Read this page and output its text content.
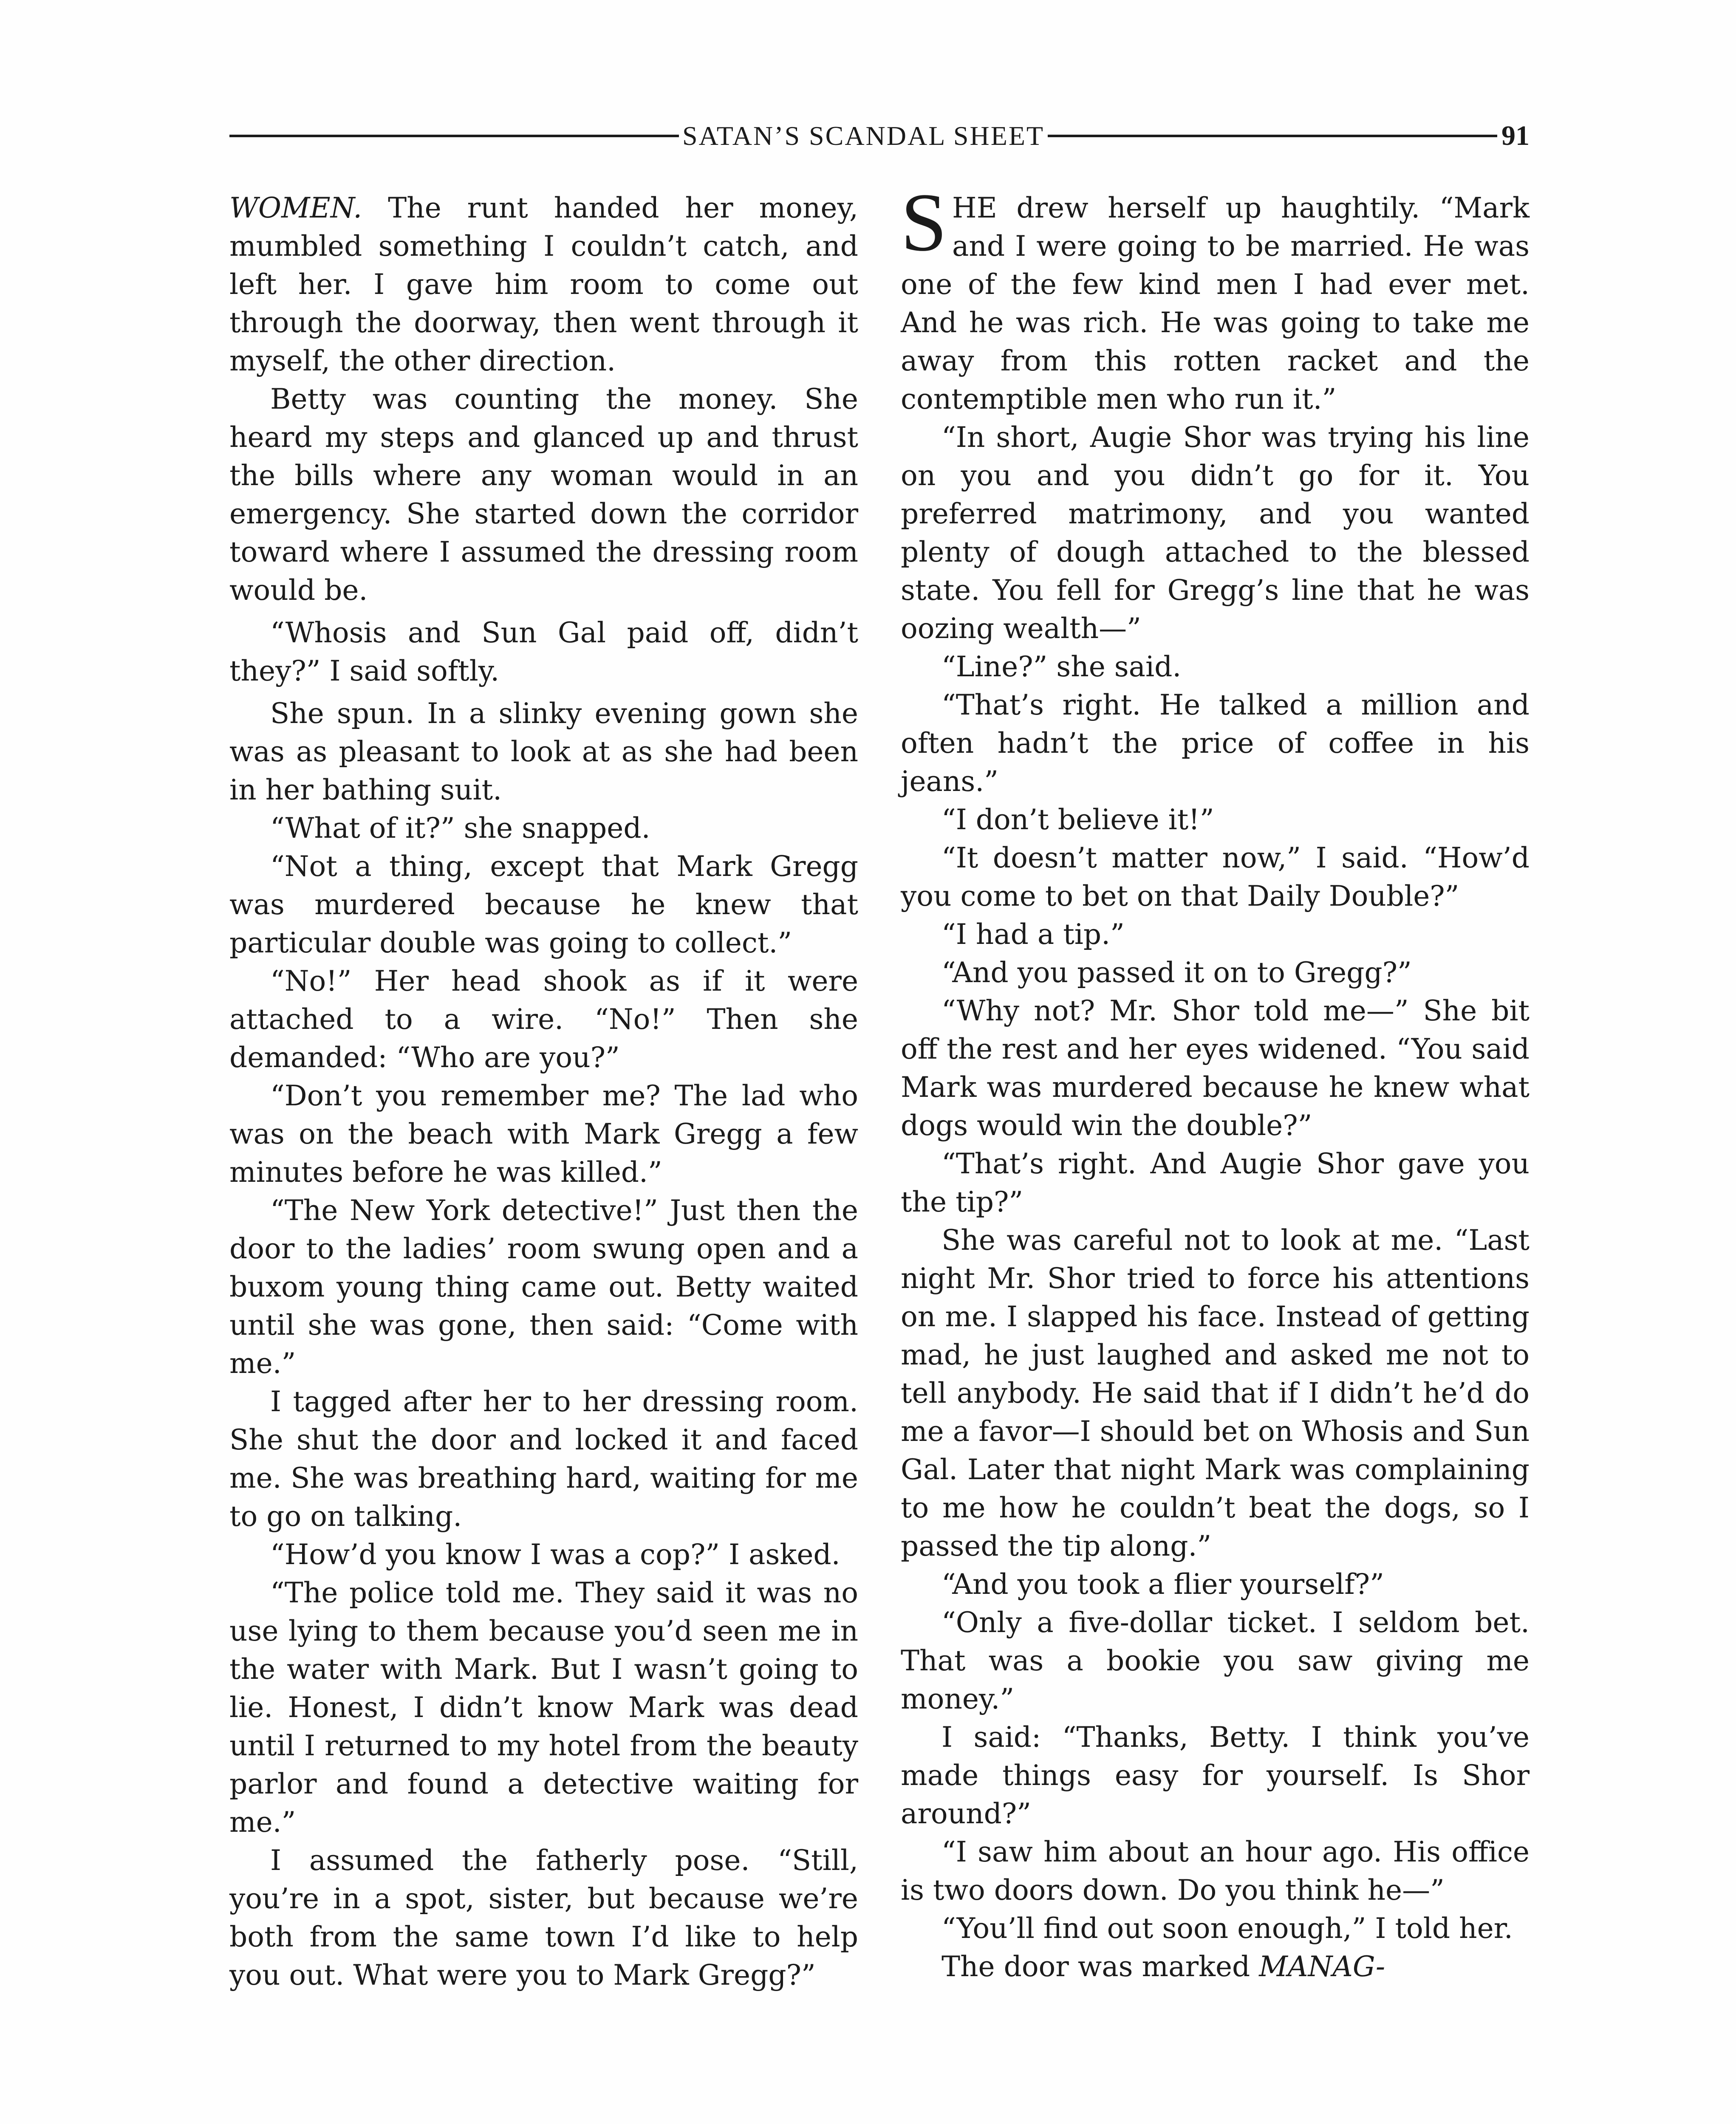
SATAN’S SCANDAL SHEET	91

WOMEN. The runt handed her money, mumbled something I couldn’t catch, and left her. I gave him room to come out through the doorway, then went through it myself, the other direction.

Betty was counting the money. She heard my steps and glanced up and thrust the bills where any woman would in an emergency. She started down the corridor toward where I assumed the dressing room would be.

“Whosis and Sun Gal paid off, didn’t they?” I said softly.

She spun. In a slinky evening gown she was as pleasant to look at as she had been in her bathing suit.

“What of it?” she snapped.

“Not a thing, except that Mark Gregg was murdered because he knew that particular double was going to collect.”

“No!” Her head shook as if it were attached to a wire. “No!” Then she demanded: “Who are you?”

“Don’t you remember me? The lad who was on the beach with Mark Gregg a few minutes before he was killed.”

“The New York detective!” Just then the door to the ladies’ room swung open and a buxom young thing came out. Betty waited until she was gone, then said: “Come with me.”

I tagged after her to her dressing room. She shut the door and locked it and faced me. She was breathing hard, waiting for me to go on talking.

“How’d you know I was a cop?” I asked.

“The police told me. They said it was no use lying to them because you’d seen me in the water with Mark. But I wasn’t going to lie. Honest, I didn’t know Mark was dead until I returned to my hotel from the beauty parlor and found a detective waiting for me.”

I assumed the fatherly pose. “Still, you’re in a spot, sister, but because we’re both from the same town I’d like to help you out. What were you to Mark Gregg?”

SHE drew herself up haughtily. “Mark and I were going to be married. He was one of the few kind men I had ever met. And he was rich. He was going to take me away from this rotten racket and the contemptible men who run it.”

“In short, Augie Shor was trying his line on you and you didn’t go for it. You preferred matrimony, and you wanted plenty of dough attached to the blessed state. You fell for Gregg’s line that he was oozing wealth—”

“Line?” she said.

“That’s right. He talked a million and often hadn’t the price of coffee in his jeans.”

“I don’t believe it!”

“It doesn’t matter now,” I said. “How’d you come to bet on that Daily Double?”

“I had a tip.”

“And you passed it on to Gregg?”

“Why not? Mr. Shor told me—” She bit off the rest and her eyes widened. “You said Mark was murdered because he knew what dogs would win the double?”

“That’s right. And Augie Shor gave you the tip?”

She was careful not to look at me. “Last night Mr. Shor tried to force his attentions on me. I slapped his face. Instead of getting mad, he just laughed and asked me not to tell anybody. He said that if I didn’t he’d do me a favor—I should bet on Whosis and Sun Gal. Later that night Mark was complaining to me how he couldn’t beat the dogs, so I passed the tip along.”

“And you took a flier yourself?”

“Only a five-dollar ticket. I seldom bet. That was a bookie you saw giving me money.”

I said: “Thanks, Betty. I think you’ve made things easy for yourself. Is Shor around?”

“I saw him about an hour ago. His office is two doors down. Do you think he—”

“You’ll find out soon enough,” I told her.

The door was marked MANAG-
